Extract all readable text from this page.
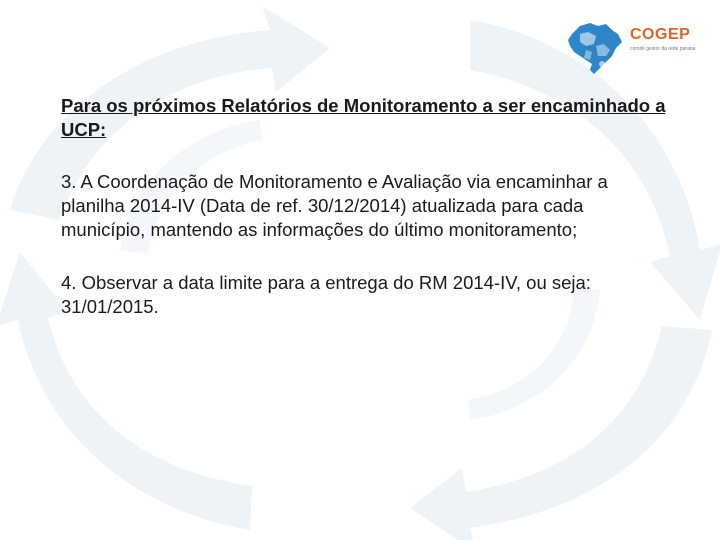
COGEP
comitê gestor da rede parana

Para os próximos Relatórios de Monitoramento a ser encaminhado a UCP:

3. A Coordenação de Monitoramento e Avaliação via encaminhar a planilha 2014-IV (Data de ref. 30/12/2014) atualizada para cada município, mantendo as informações do último monitoramento;

4. Observar a data limite para a entrega do RM 2014-IV, ou seja: 31/01/2015.
